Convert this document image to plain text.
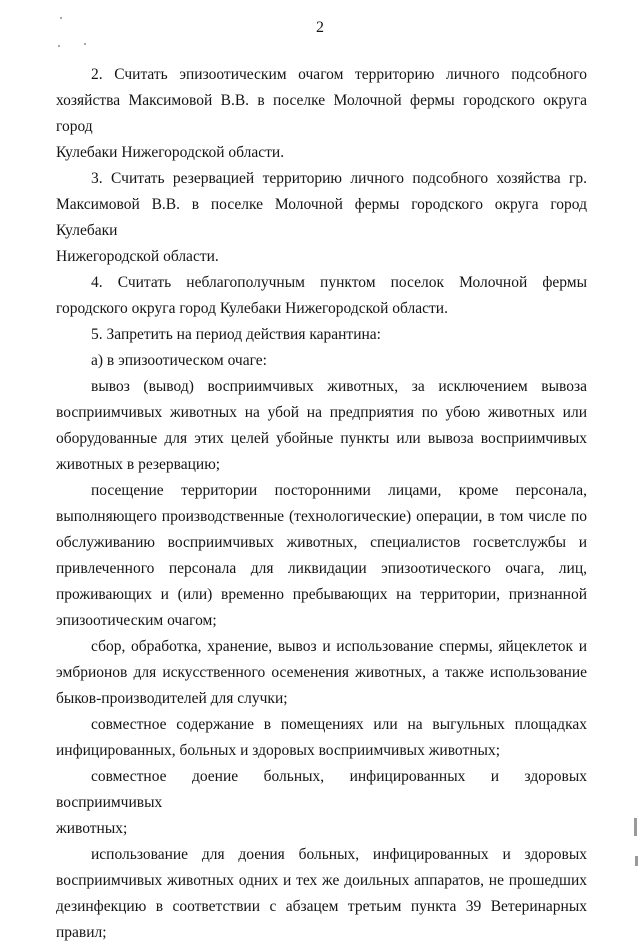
2

2. Считать эпизоотическим очагом территорию личного подсобного

хозяйства Максимовой В.В. в поселке Молочной фермы городского округа город

Кулебаки Нижегородской области.

3. Считать резервацией территорию личного подсобного хозяйства гр.

Максимовой В.В. в поселке Молочной фермы городского округа город Кулебаки

Нижегородской области.

4. Считать неблагополучным пунктом поселок Молочной фермы

городского округа город Кулебаки Нижегородской области.

5. Запретить на период действия карантина:

а) в эпизоотическом очаге:

вывоз (вывод) восприимчивых животных, за исключением вывоза

восприимчивых животных на убой на предприятия по убою животных или

оборудованные для этих целей убойные пункты или вывоза восприимчивых

животных в резервацию;

посещение территории посторонними лицами, кроме персонала,

выполняющего производственные (технологические) операции, в том числе по

обслуживанию восприимчивых животных, специалистов госветслужбы и

привлеченного персонала для ликвидации эпизоотического очага, лиц,

проживающих и (или) временно пребывающих на территории, признанной

эпизоотическим очагом;

сбор, обработка, хранение, вывоз и использование спермы, яйцеклеток и

эмбрионов для искусственного осеменения животных, а также использование

быков-производителей для случки;

совместное содержание в помещениях или на выгульных площадках

инфицированных, больных и здоровых восприимчивых животных;

совместное доение больных, инфицированных и здоровых восприимчивых

животных;

использование для доения больных, инфицированных и здоровых

восприимчивых животных одних и тех же доильных аппаратов, не прошедших

дезинфекцию в соответствии с абзацем третьим пункта 39 Ветеринарных правил;
